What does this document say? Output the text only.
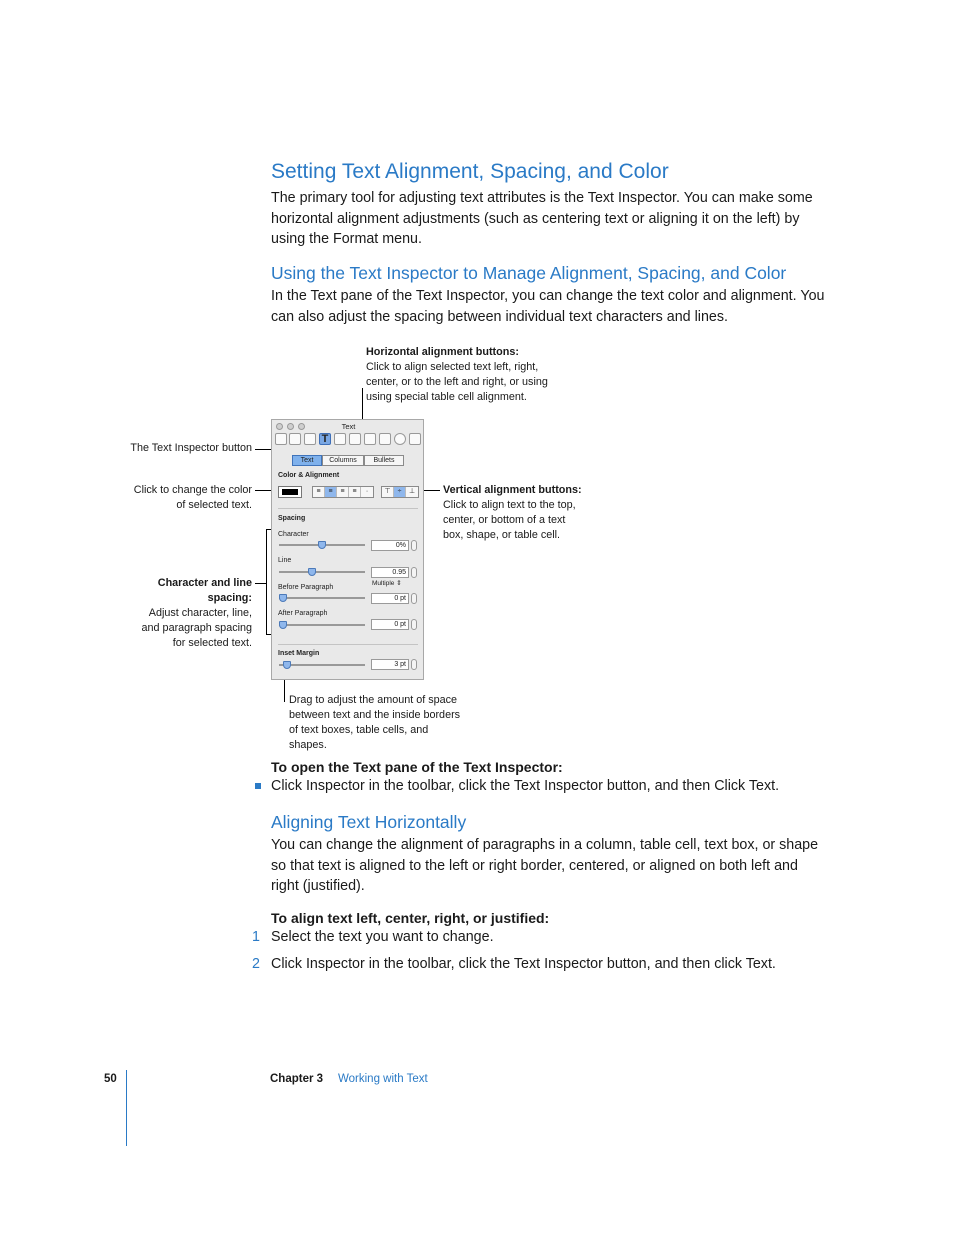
Setting Text Alignment, Spacing, and Color
The primary tool for adjusting text attributes is the Text Inspector. You can make some horizontal alignment adjustments (such as centering text or aligning it on the left) by using the Format menu.
Using the Text Inspector to Manage Alignment, Spacing, and Color
In the Text pane of the Text Inspector, you can change the text color and alignment. You can also adjust the spacing between individual text characters and lines.
Horizontal alignment buttons:
Click to align selected text left, right, center, or to the left and right, or using using special table cell alignment.
The Text Inspector button
Click to change the color of selected text.
Vertical alignment buttons:
Click to align text to the top, center, or bottom of a text box, shape, or table cell.
Character and line spacing:
Adjust character, line, and paragraph spacing for selected text.
Drag to adjust the amount of space between text and the inside borders of text boxes, table cells, and shapes.
Text
T
Text	Columns	Bullets
Color & Alignment
≡	≡	≡	≡	·	⊤	÷	⊥
Spacing
Character
0%
Line
0.95
Multiple ⇕
Before Paragraph
0 pt
After Paragraph
0 pt
Inset Margin
3 pt
To open the Text pane of the Text Inspector:
Click Inspector in the toolbar, click the Text Inspector button, and then Click Text.
Aligning Text Horizontally
You can change the alignment of paragraphs in a column, table cell, text box, or shape so that text is aligned to the left or right border, centered, or aligned on both left and right (justified).
To align text left, center, right, or justified:
1 Select the text you want to change.
2 Click Inspector in the toolbar, click the Text Inspector button, and then click Text.
50	Chapter 3 Working with Text
